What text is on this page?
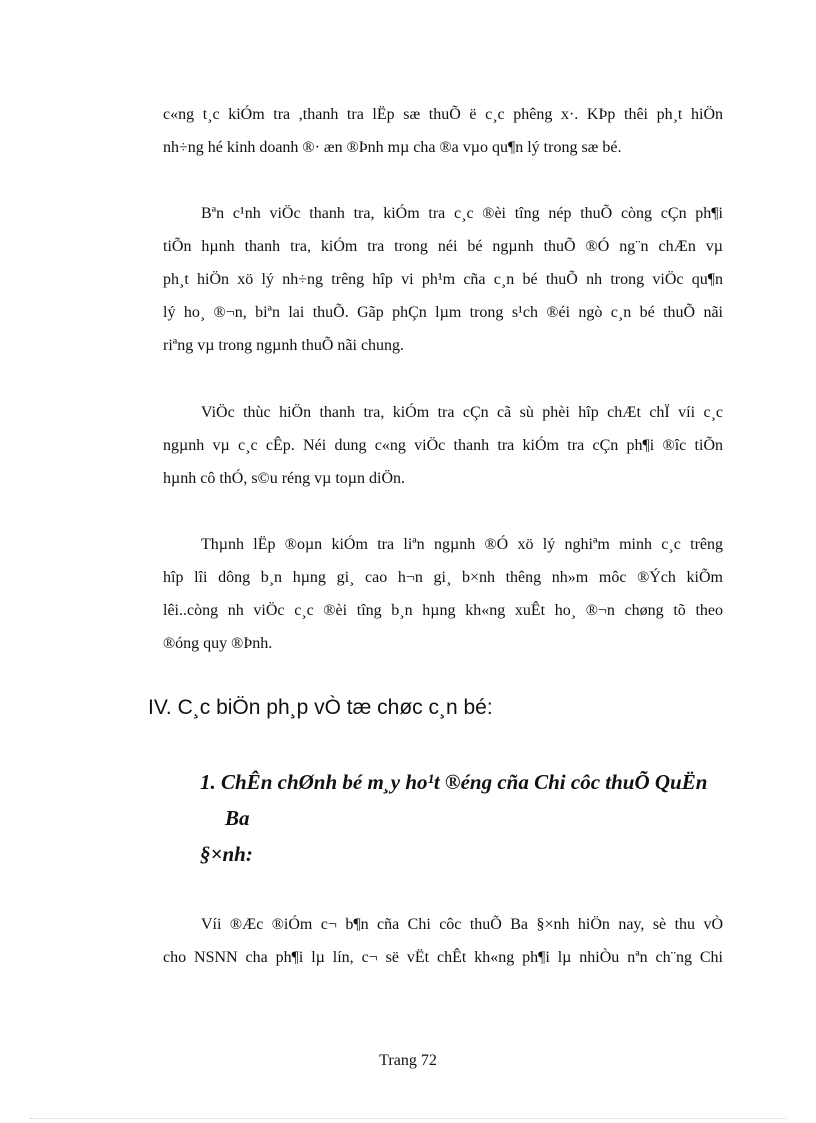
c«ng t¸c kiÓm tra ,thanh tra lËp sæ thuÕ ë c¸c phêng x·. KÞp thêi ph¸t hiÖn
nh÷ng hé kinh doanh ®· æn ®Þnh mµ cha ®a vµo qu¶n lý trong sæ bé.
Bªn c¹nh viÖc thanh tra, kiÓm tra c¸c ®èi tîng nép thuÕ còng cÇn ph¶i
tiÕn hµnh thanh tra, kiÓm tra trong néi bé ngµnh thuÕ ®Ó ng¨n chÆn vµ
ph¸t hiÖn xö lý nh÷ng trêng hîp vi ph¹m cña c¸n bé thuÕ nh trong viÖc qu¶n
lý ho¸ ®¬n, biªn lai thuÕ. Gãp phÇn lµm trong s¹ch ®éi ngò c¸n bé thuÕ nãi
riªng vµ trong ngµnh thuÕ nãi chung.
ViÖc thùc hiÖn thanh tra, kiÓm tra cÇn cã sù phèi hîp chÆt chÏ víi c¸c
ngµnh vµ c¸c cÊp. Néi dung c«ng viÖc thanh tra kiÓm tra cÇn ph¶i ®îc tiÕn
hµnh cô thÓ, s©u réng vµ toµn diÖn.
Thµnh lËp ®oµn kiÓm tra liªn ngµnh ®Ó xö lý nghiªm minh c¸c trêng
hîp lîi dông b¸n hµng gi¸ cao h¬n gi¸ b×nh thêng nh»m môc ®Ých kiÕm
lêi..còng nh viÖc c¸c ®èi tîng b¸n hµng kh«ng xuÊt ho¸ ®¬n chøng tõ theo
®óng quy ®Þnh.
IV. C¸c biÖn ph¸p vÒ tæ chøc c¸n bé:
1. ChÊn chØnh bé m¸y ho¹t ®éng cña Chi côc thuÕ QuËn
Ba
§×nh:
Víi ®Æc ®iÓm c¬ b¶n cña Chi côc thuÕ Ba §×nh hiÖn nay, sè thu vÒ
cho NSNN cha ph¶i lµ lín, c¬ së vËt chÊt kh«ng ph¶i lµ nhiÒu nªn ch¨ng Chi
Trang 72
